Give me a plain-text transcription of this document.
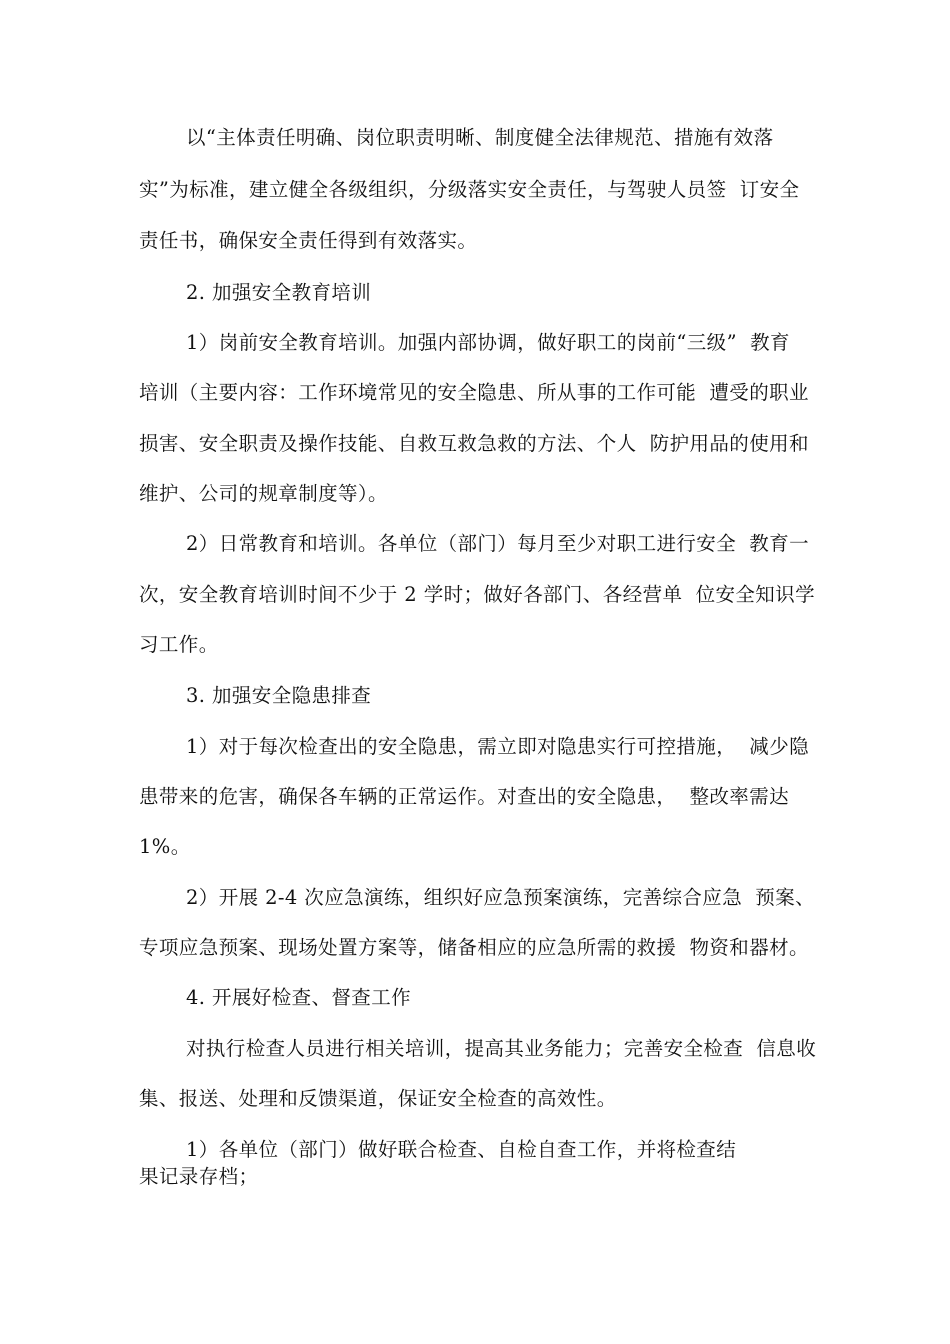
以“主体责任明确、岗位职责明晰、制度健全法律规范、措施有效落
实”为标准，建立健全各级组织，分级落实安全责任，与驾驶人员签  订安全
责任书，确保安全责任得到有效落实。
2. 加强安全教育培训
1）岗前安全教育培训。加强内部协调，做好职工的岗前“三级”  教育
培训（主要内容：工作环境常见的安全隐患、所从事的工作可能  遭受的职业
损害、安全职责及操作技能、自救互救急救的方法、个人  防护用品的使用和
维护、公司的规章制度等）。
2）日常教育和培训。各单位（部门）每月至少对职工进行安全  教育一
次，安全教育培训时间不少于 2 学时；做好各部门、各经营单  位安全知识学
习工作。
3. 加强安全隐患排查
1）对于每次检查出的安全隐患，需立即对隐患实行可控措施，  减少隐
患带来的危害，确保各车辆的正常运作。对查出的安全隐患，  整改率需达
1%。
2）开展 2-4 次应急演练，组织好应急预案演练，完善综合应急  预案、
专项应急预案、现场处置方案等，储备相应的应急所需的救援  物资和器材。
4. 开展好检查、督查工作
对执行检查人员进行相关培训，提高其业务能力；完善安全检查  信息收
集、报送、处理和反馈渠道，保证安全检查的高效性。
1）各单位（部门）做好联合检查、自检自查工作，并将检查结
果记录存档；
